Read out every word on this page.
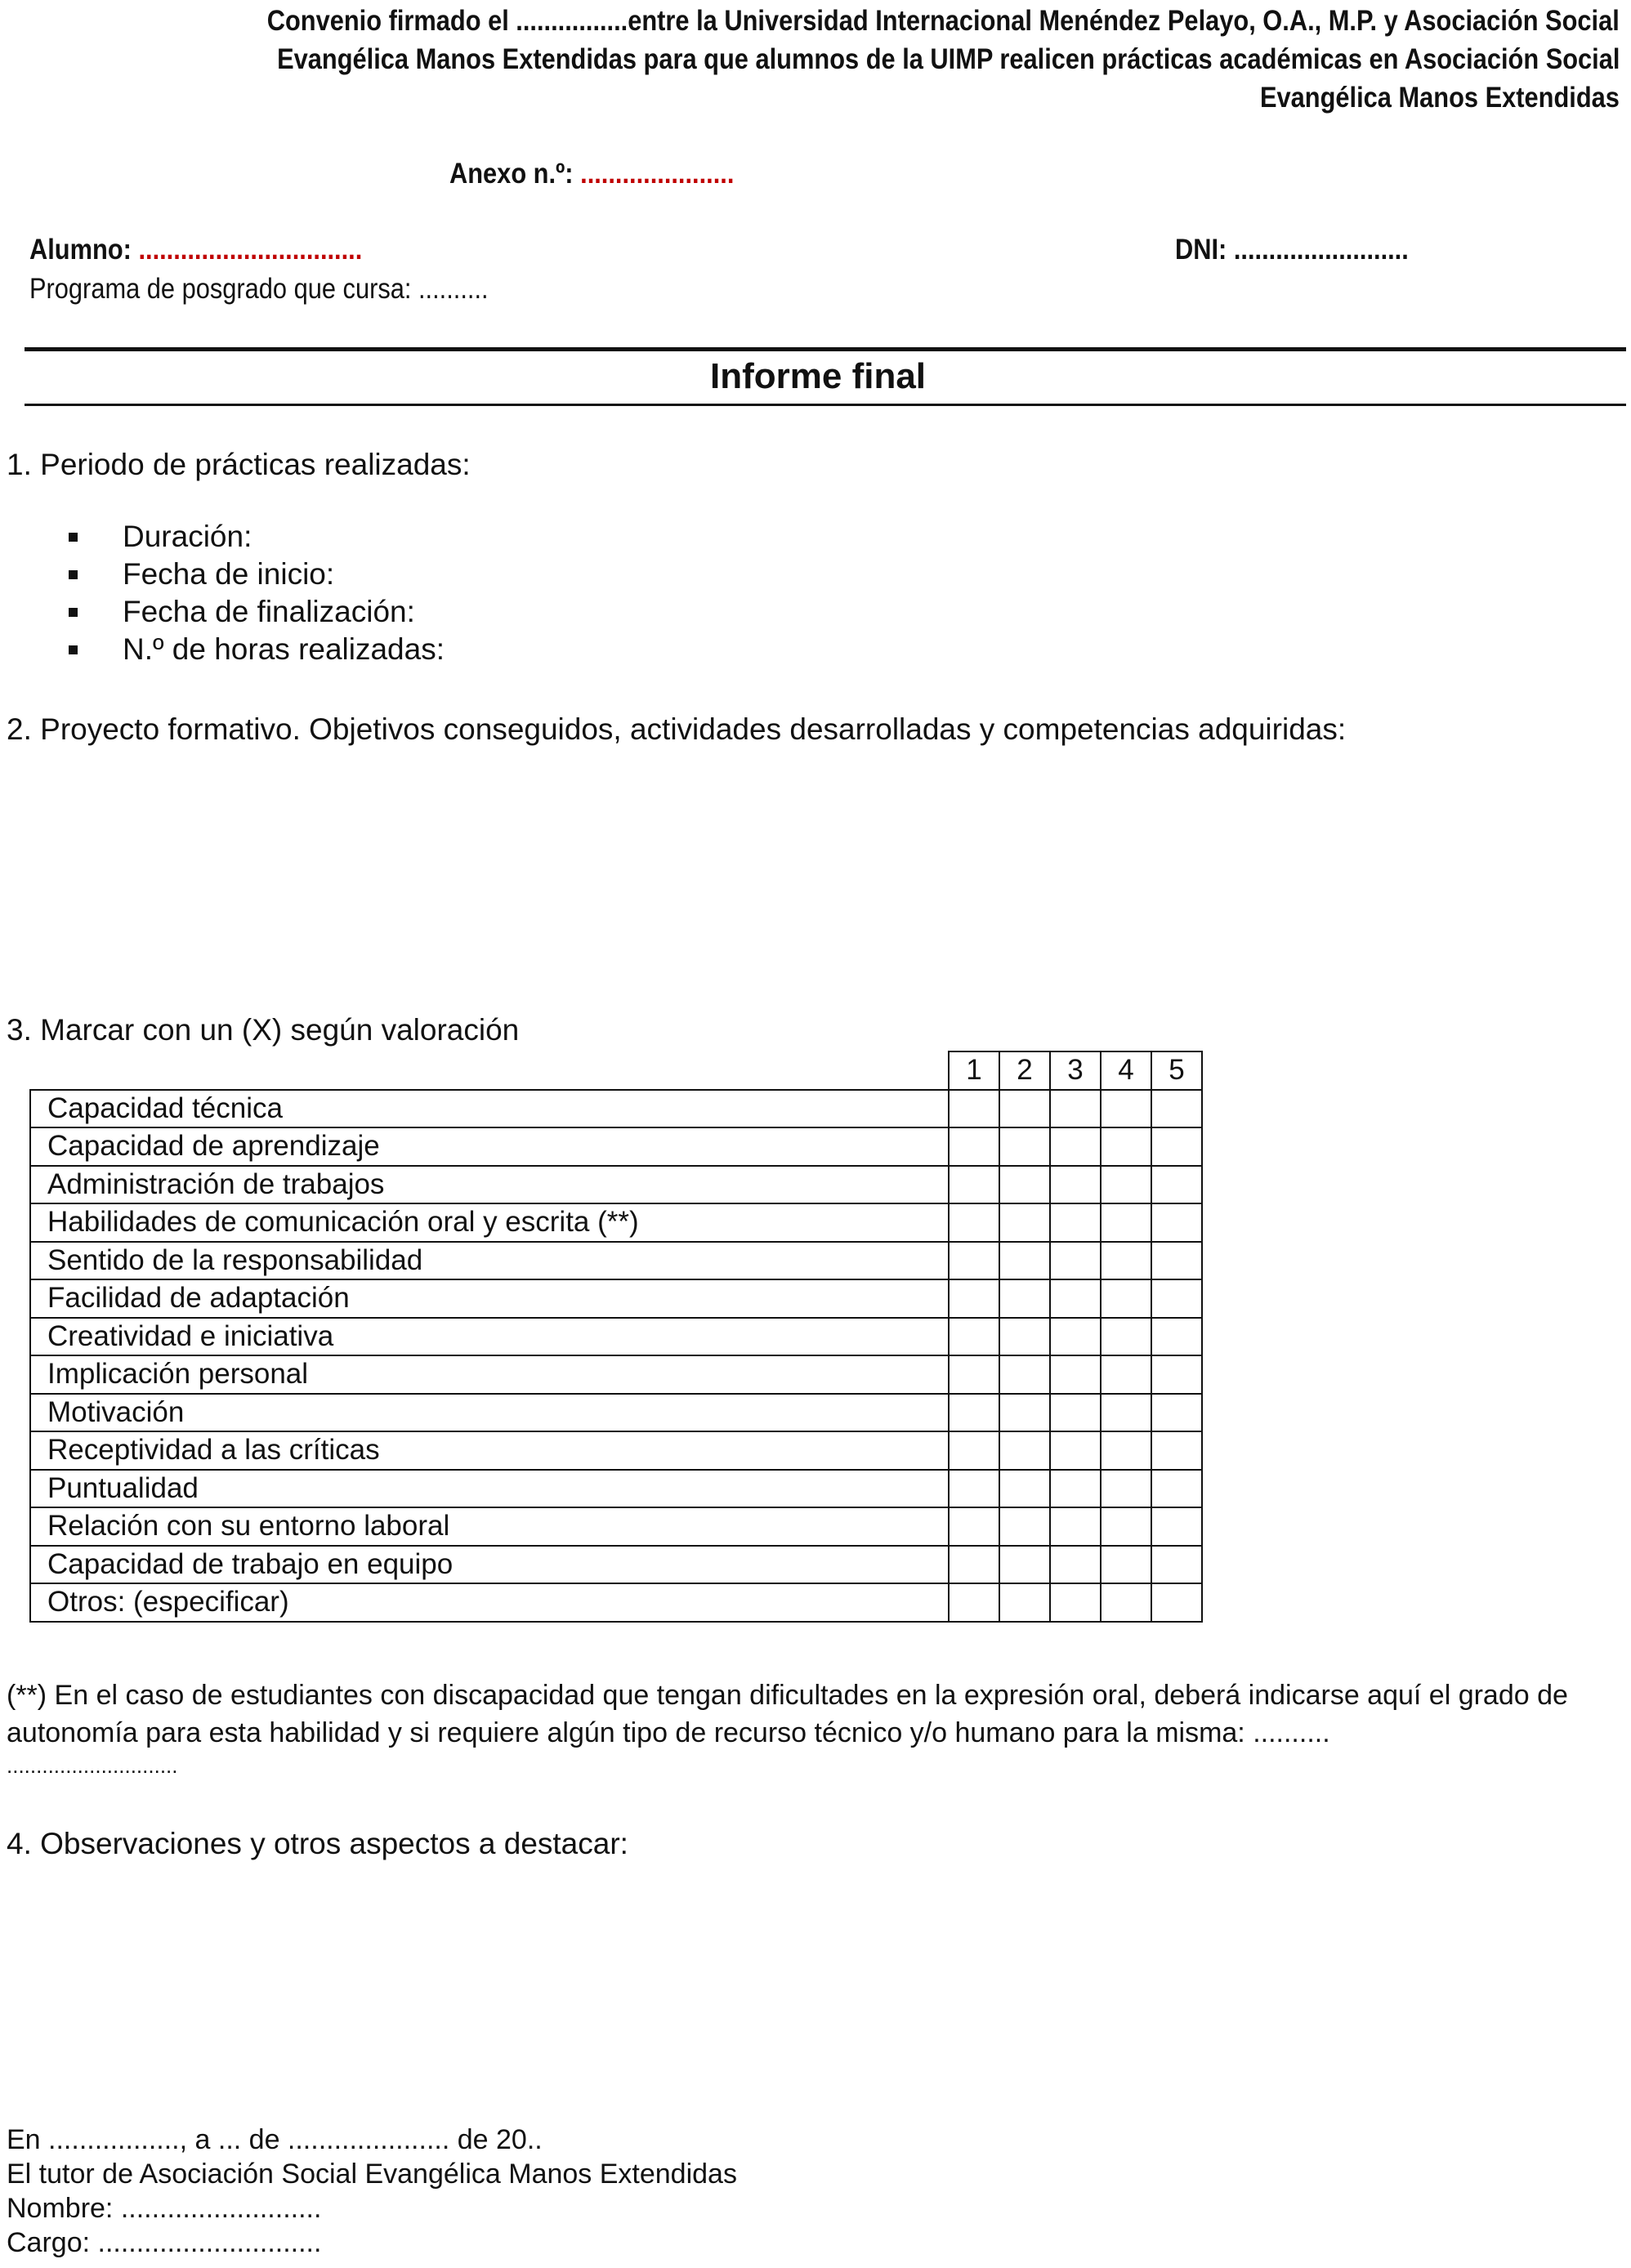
Convenio firmado el ................entre la Universidad Internacional Menéndez Pelayo, O.A., M.P. y Asociación Social
Evangélica Manos Extendidas para que alumnos de la UIMP realicen prácticas académicas en Asociación Social
Evangélica Manos Extendidas
Anexo n.º: ......................
Alumno: ................................	DNI: .........................
Programa de posgrado que cursa: ..........
Informe final
1. Periodo de prácticas realizadas:
Duración:
Fecha de inicio:
Fecha de finalización:
N.º de horas realizadas:
2. Proyecto formativo. Objetivos conseguidos, actividades desarrolladas y competencias adquiridas:
3. Marcar con un (X) según valoración
	1	2	3	4	5
Capacidad técnica					
Capacidad de aprendizaje					
Administración de trabajos					
Habilidades de comunicación oral y escrita (**)					
Sentido de la responsabilidad					
Facilidad de adaptación					
Creatividad e iniciativa					
Implicación personal					
Motivación					
Receptividad a las críticas					
Puntualidad					
Relación con su entorno laboral					
Capacidad de trabajo en equipo					
Otros: (especificar)					
(**) En el caso de estudiantes con discapacidad que tengan dificultades en la expresión oral, deberá indicarse aquí el grado de
autonomía para esta habilidad y si requiere algún tipo de recurso técnico y/o humano para la misma: ..........
.............................
4. Observaciones y otros aspectos a destacar:
En ................., a ... de ..................... de 20..
El tutor de Asociación Social Evangélica Manos Extendidas
Nombre: ..........................
Cargo: .............................
